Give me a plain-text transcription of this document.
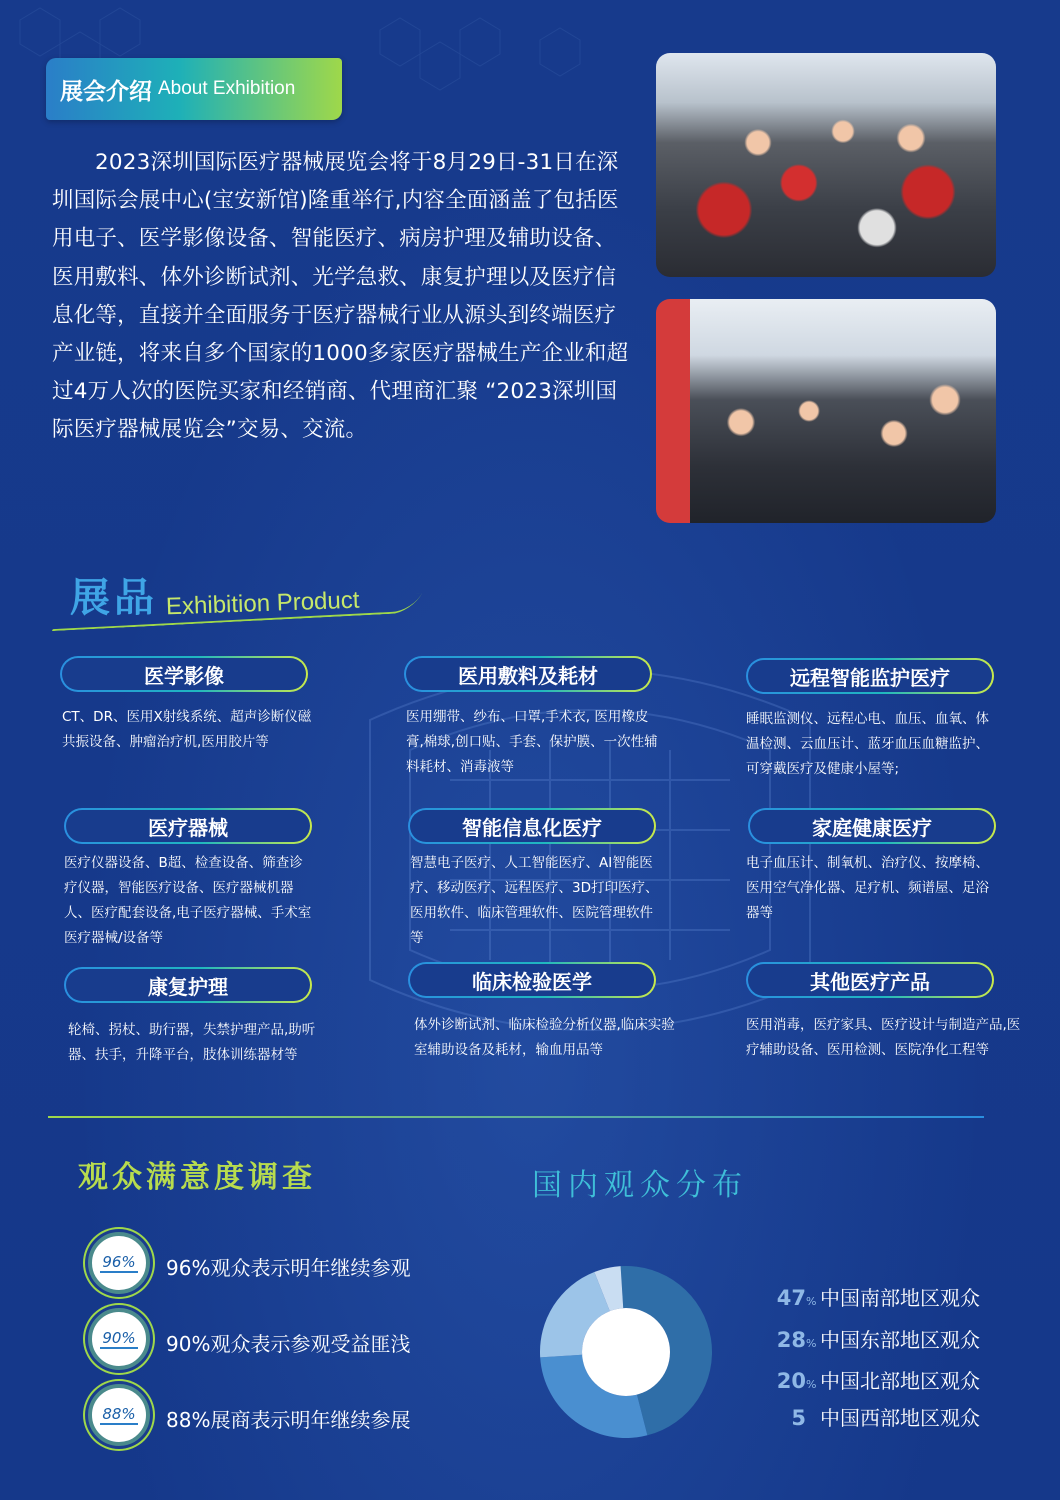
展会介绍 About Exhibition

2023深圳国际医疗器械展览会将于8月29日-31日在深圳国际会展中心(宝安新馆)隆重举行,内容全面涵盖了包括医用电子、医学影像设备、智能医疗、病房护理及辅助设备、医用敷料、体外诊断试剂、光学急救、康复护理以及医疗信息化等，直接并全面服务于医疗器械行业从源头到终端医疗产业链，将来自多个国家的1000多家医疗器械生产企业和超过4万人次的医院买家和经销商、代理商汇聚 “2023深圳国际医疗器械展览会”交易、交流。

展品 Exhibition Product
医学影像
CT、DR、医用X射线系统、超声诊断仪磁共振设备、肿瘤治疗机,医用胶片等
医用敷料及耗材
医用绷带、纱布、口罩,手术衣, 医用橡皮膏,棉球,创口贴、手套、保护膜、一次性辅料耗材、消毒液等
远程智能监护医疗
睡眠监测仪、远程心电、血压、血氧、体温检测、云血压计、蓝牙血压血糖监护、可穿戴医疗及健康小屋等;
医疗器械
医疗仪器设备、B超、检查设备、筛查诊疗仪器，智能医疗设备、医疗器械机器人、医疗配套设备,电子医疗器械、手术室医疗器械/设备等
智能信息化医疗
智慧电子医疗、人工智能医疗、AI智能医疗、移动医疗、远程医疗、3D打印医疗、医用软件、临床管理软件、医院管理软件等
家庭健康医疗
电子血压计、制氧机、治疗仪、按摩椅、医用空气净化器、足疗机、频谱屋、足浴器等
康复护理
轮椅、拐杖、助行器，失禁护理产品,助听器、扶手，升降平台，肢体训练器材等
临床检验医学
体外诊断试剂、临床检验分析仪器,临床实验室辅助设备及耗材，输血用品等
其他医疗产品
医用消毒，医疗家具、医疗设计与制造产品,医疗辅助设备、医用检测、医院净化工程等
观众满意度调查
96% 96%观众表示明年继续参观
90% 90%观众表示参观受益匪浅
88% 88%展商表示明年继续参展
国内观众分布
47 % 中国南部地区观众
28 % 中国东部地区观众
20 % 中国北部地区观众
5 中国西部地区观众
